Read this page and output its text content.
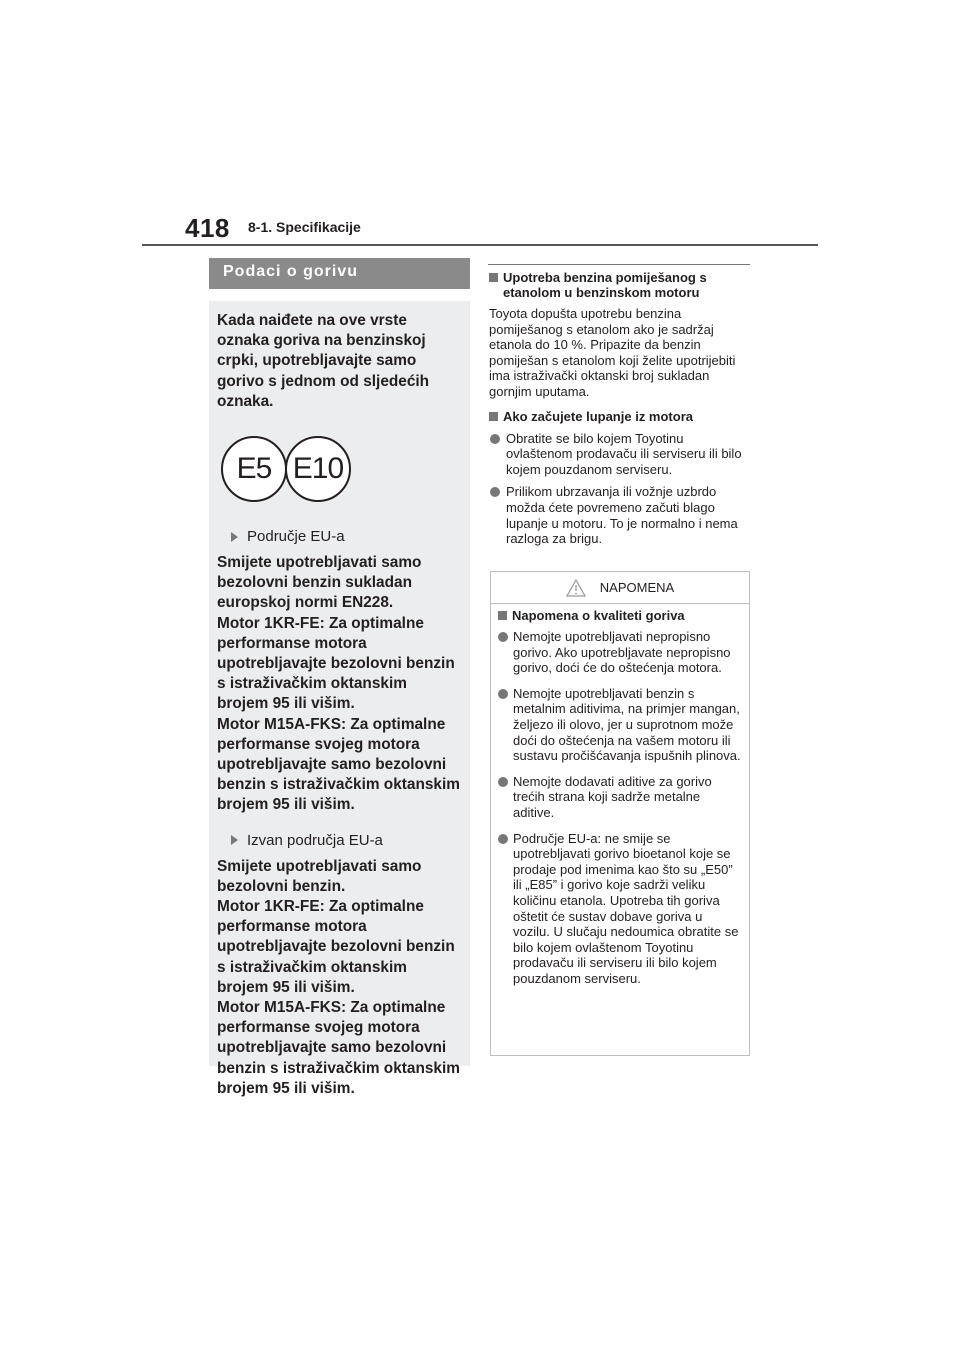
418 8-1. Specifikacije
Podaci o gorivu

Kada naiđete na ove vrste oznaka goriva na benzinskoj crpki, upotrebljavajte samo gorivo s jednom od sljedećih oznaka.

E5 E10
Područje EU-a

Smijete upotrebljavati samo bezolovni benzin sukladan europskoj normi EN228.

Motor 1KR-FE: Za optimalne performanse motora upotrebljavajte bezolovni benzin s istraživačkim oktanskim brojem 95 ili višim.

Motor M15A-FKS: Za optimalne performanse svojeg motora upotrebljavajte samo bezolovni benzin s istraživačkim oktanskim brojem 95 ili višim.

Izvan područja EU-a

Smijete upotrebljavati samo bezolovni benzin.

Motor 1KR-FE: Za optimalne performanse motora upotrebljavajte bezolovni benzin s istraživačkim oktanskim brojem 95 ili višim.

Motor M15A-FKS: Za optimalne performanse svojeg motora upotrebljavajte samo bezolovni benzin s istraživačkim oktanskim brojem 95 ili višim.

Upotreba benzina pomiješanog s etanolom u benzinskom motoru

Toyota dopušta upotrebu benzina pomiješanog s etanolom ako je sadržaj etanola do 10 %. Pripazite da benzin pomiješan s etanolom koji želite upotrijebiti ima istraživački oktanski broj sukladan gornjim uputama.

Ako začujete lupanje iz motora
Obratite se bilo kojem Toyotinu ovlaštenom prodavaču ili serviseru ili bilo kojem pouzdanom serviseru.
Prilikom ubrzavanja ili vožnje uzbrdo možda ćete povremeno začuti blago lupanje u motoru. To je normalno i nema razloga za brigu.
NAPOMENA
Napomena o kvaliteti goriva
Nemojte upotrebljavati nepropisno gorivo. Ako upotrebljavate nepropisno gorivo, doći će do oštećenja motora.
Nemojte upotrebljavati benzin s metalnim aditivima, na primjer mangan, željezo ili olovo, jer u suprotnom može doći do oštećenja na vašem motoru ili sustavu pročišćavanja ispušnih plinova.
Nemojte dodavati aditive za gorivo trećih strana koji sadrže metalne aditive.
Područje EU-a: ne smije se upotrebljavati gorivo bioetanol koje se prodaje pod imenima kao što su „E50” ili „E85” i gorivo koje sadrži veliku količinu etanola. Upotreba tih goriva oštetit će sustav dobave goriva u vozilu. U slučaju nedoumica obratite se bilo kojem ovlaštenom Toyotinu prodavaču ili serviseru ili bilo kojem pouzdanom serviseru.
